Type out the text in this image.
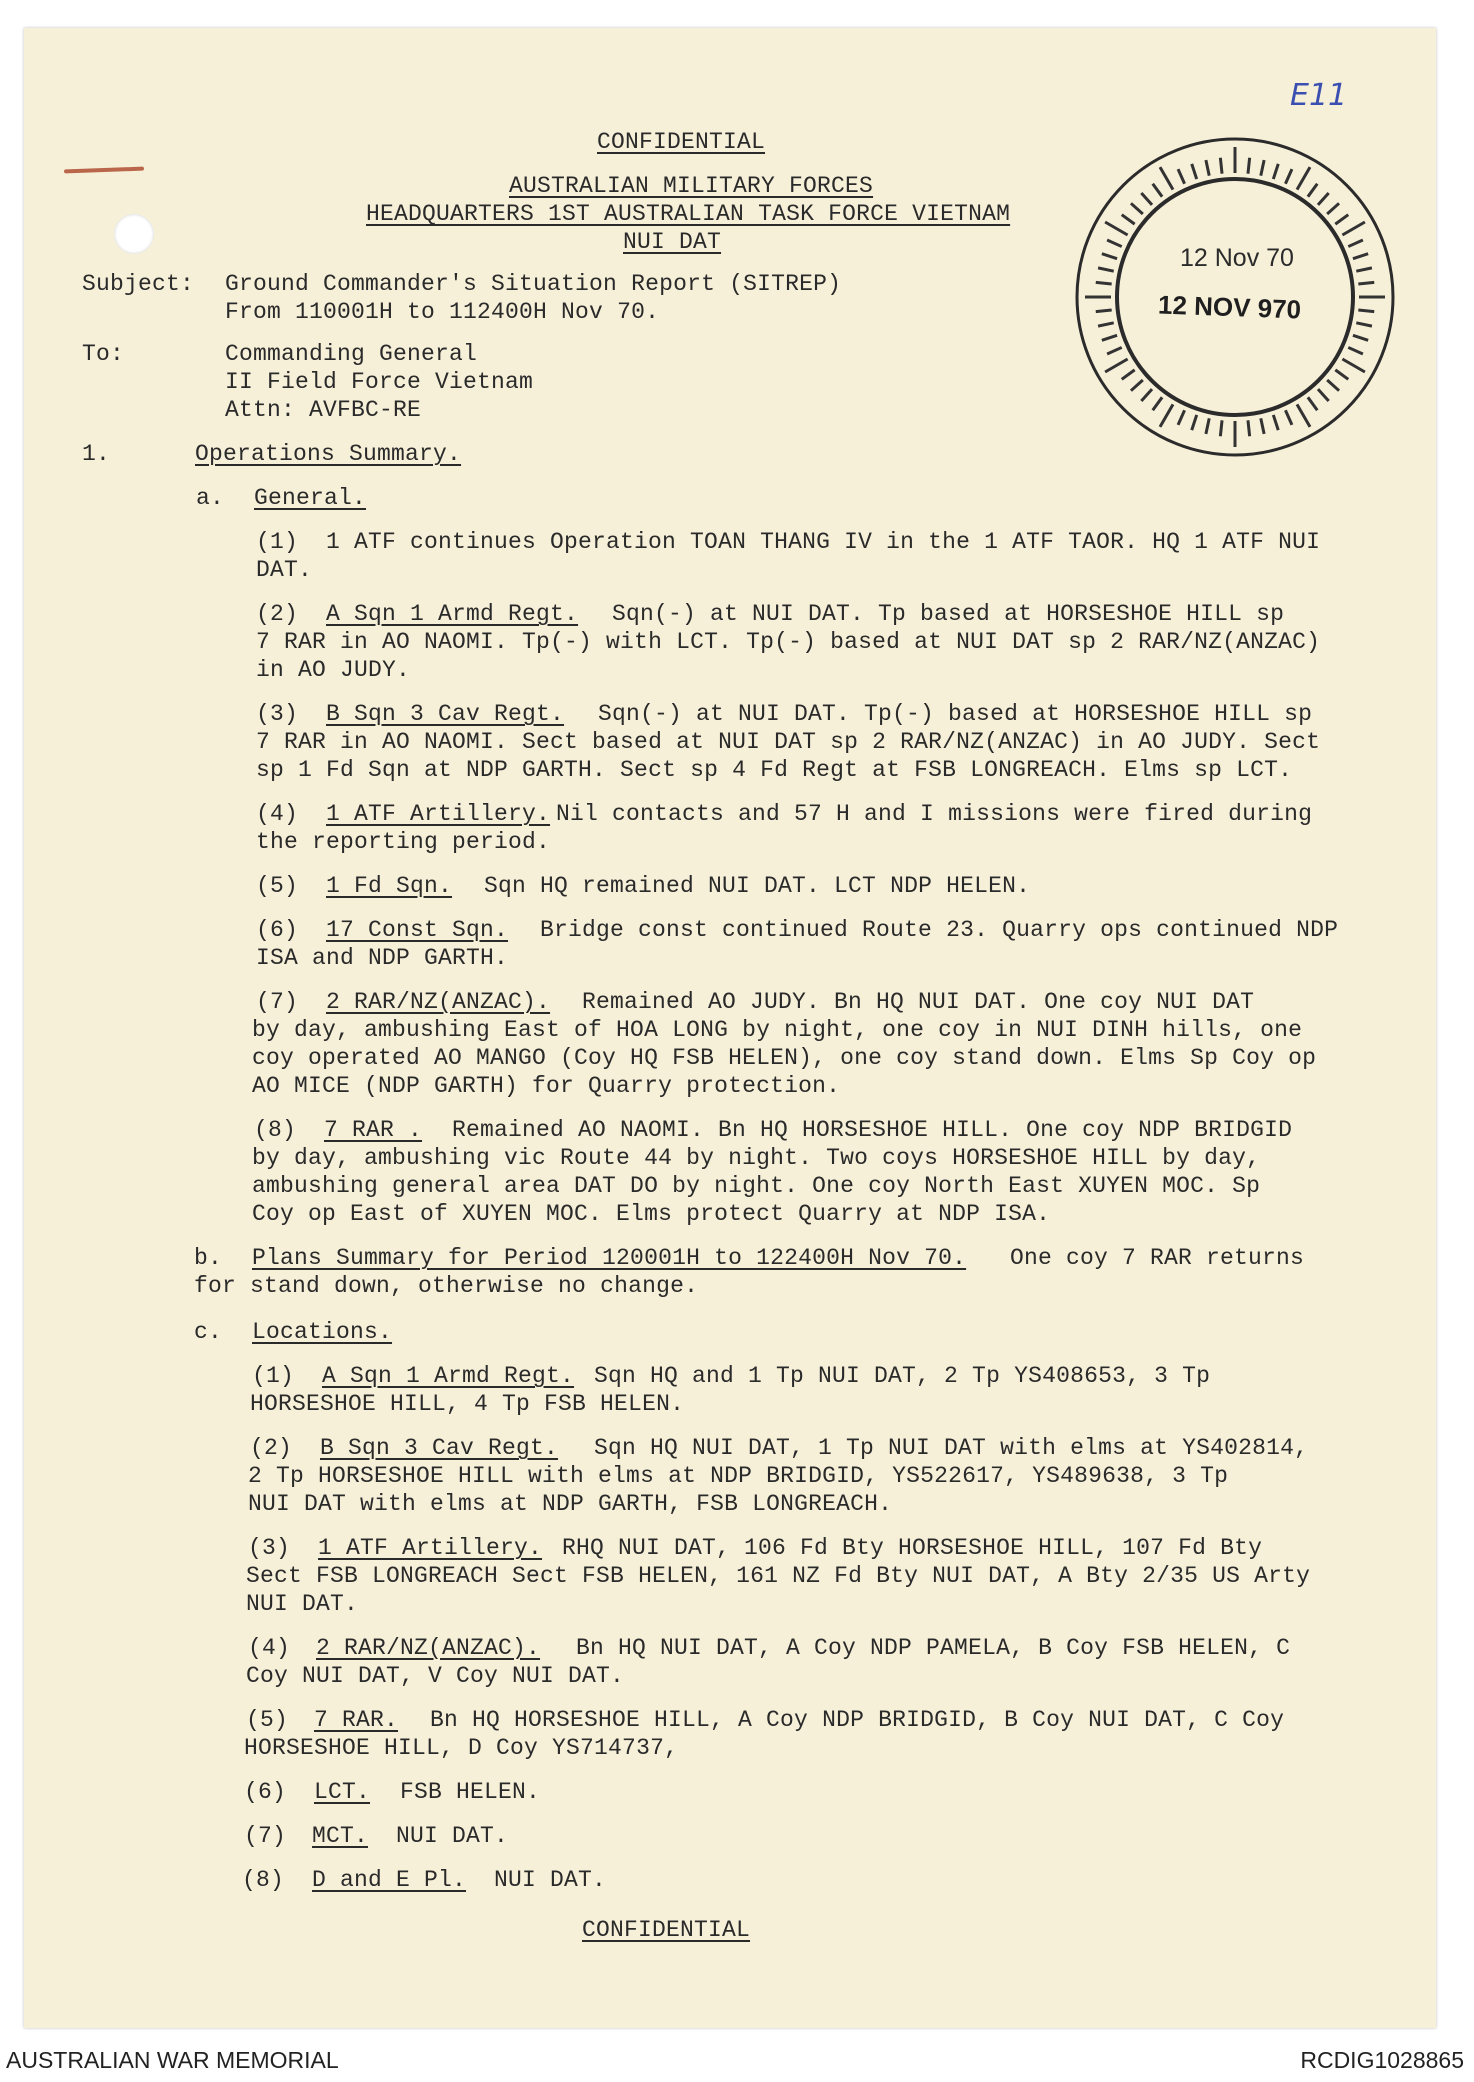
E11
12 Nov 70
12 NOV 970
CONFIDENTIAL
AUSTRALIAN MILITARY FORCES
HEADQUARTERS 1ST AUSTRALIAN TASK FORCE VIETNAM
NUI DAT
Subject: Ground Commander's Situation Report (SITREP)
From 110001H to 112400H Nov 70.
To:	Commanding General
II Field Force Vietnam
Attn: AVFBC-RE
1.	Operations Summary.
a. General.
(1) 1 ATF continues Operation TOAN THANG IV in the 1 ATF TAOR. HQ 1 ATF NUI
DAT.
(2) A Sqn 1 Armd Regt. Sqn(-) at NUI DAT. Tp based at HORSESHOE HILL sp
7 RAR in AO NAOMI. Tp(-) with LCT. Tp(-) based at NUI DAT sp 2 RAR/NZ(ANZAC)
in AO JUDY.
(3) B Sqn 3 Cav Regt. Sqn(-) at NUI DAT. Tp(-) based at HORSESHOE HILL sp
7 RAR in AO NAOMI. Sect based at NUI DAT sp 2 RAR/NZ(ANZAC) in AO JUDY. Sect
sp 1 Fd Sqn at NDP GARTH. Sect sp 4 Fd Regt at FSB LONGREACH. Elms sp LCT.
(4) 1 ATF Artillery. Nil contacts and 57 H and I missions were fired during
the reporting period.
(5) 1 Fd Sqn. Sqn HQ remained NUI DAT. LCT NDP HELEN.
(6) 17 Const Sqn. Bridge const continued Route 23. Quarry ops continued NDP
ISA and NDP GARTH.
(7) 2 RAR/NZ(ANZAC). Remained AO JUDY. Bn HQ NUI DAT. One coy NUI DAT
by day, ambushing East of HOA LONG by night, one coy in NUI DINH hills, one
coy operated AO MANGO (Coy HQ FSB HELEN), one coy stand down. Elms Sp Coy op
AO MICE (NDP GARTH) for Quarry protection.
(8) 7 RAR . Remained AO NAOMI. Bn HQ HORSESHOE HILL. One coy NDP BRIDGID
by day, ambushing vic Route 44 by night. Two coys HORSESHOE HILL by day,
ambushing general area DAT DO by night. One coy North East XUYEN MOC. Sp
Coy op East of XUYEN MOC. Elms protect Quarry at NDP ISA.
b. Plans Summary for Period 120001H to 122400H Nov 70. One coy 7 RAR returns
for stand down, otherwise no change.
c. Locations.
(1) A Sqn 1 Armd Regt. Sqn HQ and 1 Tp NUI DAT, 2 Tp YS408653, 3 Tp
HORSESHOE HILL, 4 Tp FSB HELEN.
(2) B Sqn 3 Cav Regt. Sqn HQ NUI DAT, 1 Tp NUI DAT with elms at YS402814,
2 Tp HORSESHOE HILL with elms at NDP BRIDGID, YS522617, YS489638, 3 Tp
NUI DAT with elms at NDP GARTH, FSB LONGREACH.
(3) 1 ATF Artillery. RHQ NUI DAT, 106 Fd Bty HORSESHOE HILL, 107 Fd Bty
Sect FSB LONGREACH Sect FSB HELEN, 161 NZ Fd Bty NUI DAT, A Bty 2/35 US Arty
NUI DAT.
(4) 2 RAR/NZ(ANZAC). Bn HQ NUI DAT, A Coy NDP PAMELA, B Coy FSB HELEN, C
Coy NUI DAT, V Coy NUI DAT.
(5) 7 RAR. Bn HQ HORSESHOE HILL, A Coy NDP BRIDGID, B Coy NUI DAT, C Coy
HORSESHOE HILL, D Coy YS714737,
(6) LCT. FSB HELEN.
(7) MCT. NUI DAT.
(8) D and E Pl. NUI DAT.
CONFIDENTIAL
AUSTRALIAN WAR MEMORIAL	RCDIG1028865
